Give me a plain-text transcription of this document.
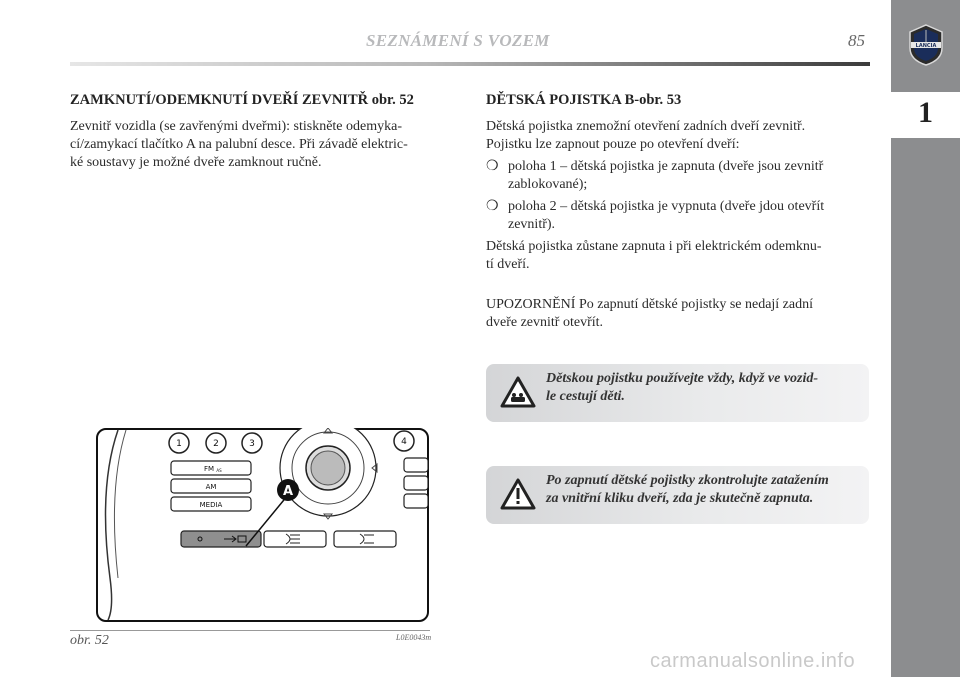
1
LANCIA
SEZNÁMENÍ S VOZEM	85
ZAMKNUTÍ/ODEMKNUTÍ DVEŘÍ ZEVNITŘ obr. 52
Zevnitř vozidla (se zavřenými dveřmi): stiskněte odemyka-
cí/zamykací tlačítko A na palubní desce. Při závadě elektric-
ké soustavy je možné dveře zamknout ručně.
DĚTSKÁ POJISTKA B-obr. 53
Dětská pojistka znemožní otevření zadních dveří zevnitř.
Pojistku lze zapnout pouze po otevření dveří:
❍ poloha 1 – dětská pojistka je zapnuta (dveře jsou zevnitř
zablokované);
❍ poloha 2 – dětská pojistka je vypnuta (dveře jdou otevřít
zevnitř).
Dětská pojistka zůstane zapnuta i při elektrickém odemknu-
tí dveří.
UPOZORNĚNÍ Po zapnutí dětské pojistky se nedají zadní
dveře zevnitř otevřít.
Dětskou pojistku používejte vždy, když ve vozid-
le cestují děti.
Po zapnutí dětské pojistky zkontrolujte zatažením
za vnitřní kliku dveří, zda je skutečně zapnuta.
1	2	3	4
FM AS
AM
MEDIA
A
obr. 52	L0E0043m
carmanualsonline.info
